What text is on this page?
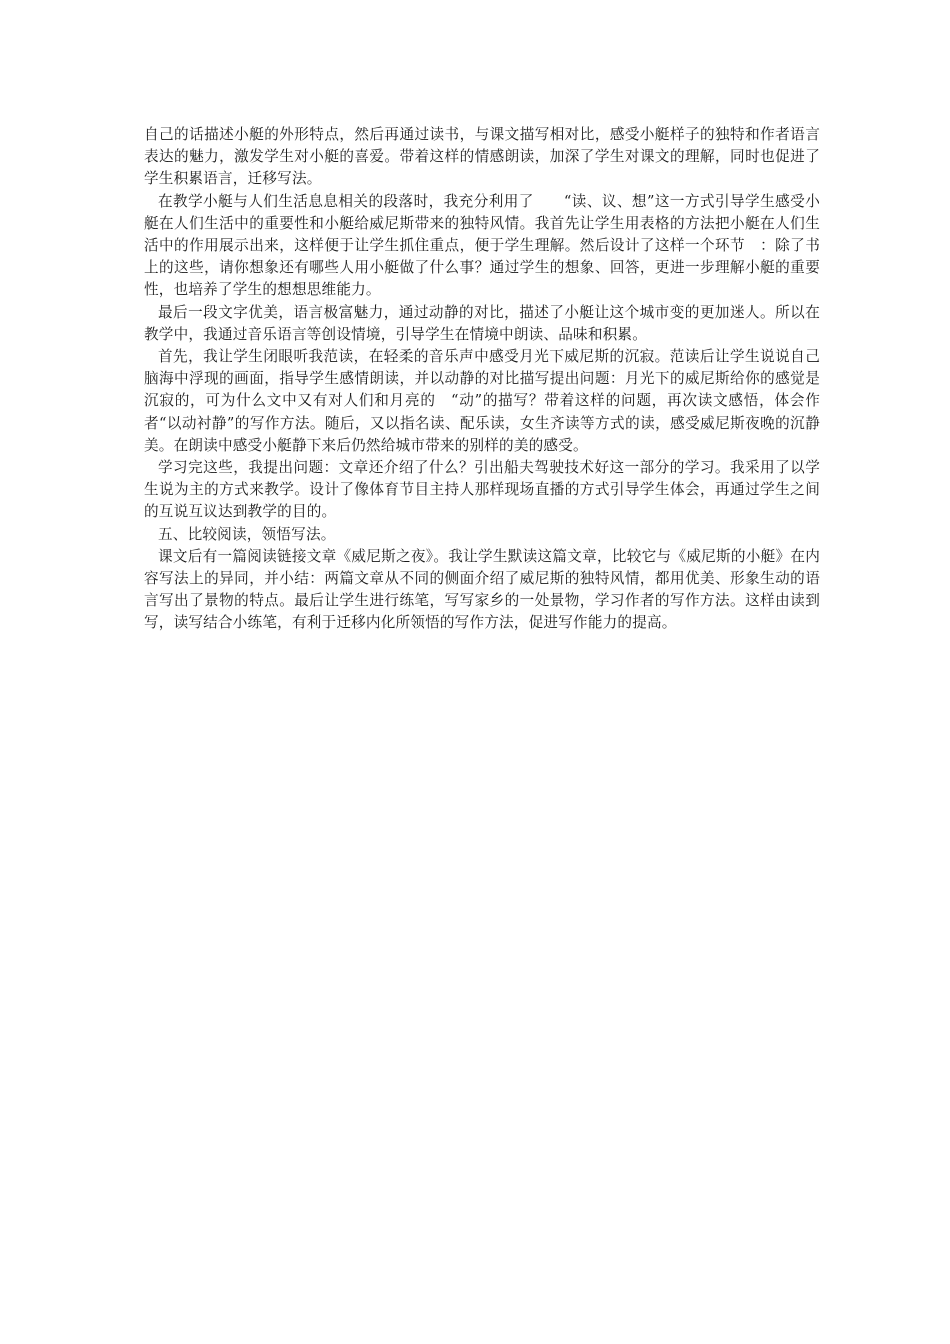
自己的话描述小艇的外形特点，然后再通过读书，与课文描写相对比，感受小艇样子的独特和作者语言表达的魅力，激发学生对小艇的喜爱。带着这样的情感朗读，加深了学生对课文的理解，同时也促进了学生积累语言，迁移写法。

在教学小艇与人们生活息息相关的段落时，我充分利用了　　“读、议、想”这一方式引导学生感受小艇在人们生活中的重要性和小艇给威尼斯带来的独特风情。我首先让学生用表格的方法把小艇在人们生活中的作用展示出来，这样便于让学生抓住重点，便于学生理解。然后设计了这样一个环节　：除了书上的这些，请你想象还有哪些人用小艇做了什么事？通过学生的想象、回答，更进一步理解小艇的重要性，也培养了学生的想想思维能力。

最后一段文字优美，语言极富魅力，通过动静的对比，描述了小艇让这个城市变的更加迷人。所以在教学中，我通过音乐语言等创设情境，引导学生在情境中朗读、品味和积累。

首先，我让学生闭眼听我范读，在轻柔的音乐声中感受月光下威尼斯的沉寂。范读后让学生说说自己脑海中浮现的画面，指导学生感情朗读，并以动静的对比描写提出问题：月光下的威尼斯给你的感觉是沉寂的，可为什么文中又有对人们和月亮的　“动”的描写？带着这样的问题，再次读文感悟，体会作者“以动衬静”的写作方法。随后，又以指名读、配乐读，女生齐读等方式的读，感受威尼斯夜晚的沉静美。在朗读中感受小艇静下来后仍然给城市带来的别样的美的感受。

学习完这些，我提出问题：文章还介绍了什么？引出船夫驾驶技术好这一部分的学习。我采用了以学生说为主的方式来教学。设计了像体育节目主持人那样现场直播的方式引导学生体会，再通过学生之间的互说互议达到教学的目的。

五、比较阅读，领悟写法。

课文后有一篇阅读链接文章《威尼斯之夜》。我让学生默读这篇文章，比较它与《威尼斯的小艇》在内容写法上的异同，并小结：两篇文章从不同的侧面介绍了威尼斯的独特风情，都用优美、形象生动的语言写出了景物的特点。最后让学生进行练笔，写写家乡的一处景物，学习作者的写作方法。这样由读到写，读写结合小练笔，有利于迁移内化所领悟的写作方法，促进写作能力的提高。
